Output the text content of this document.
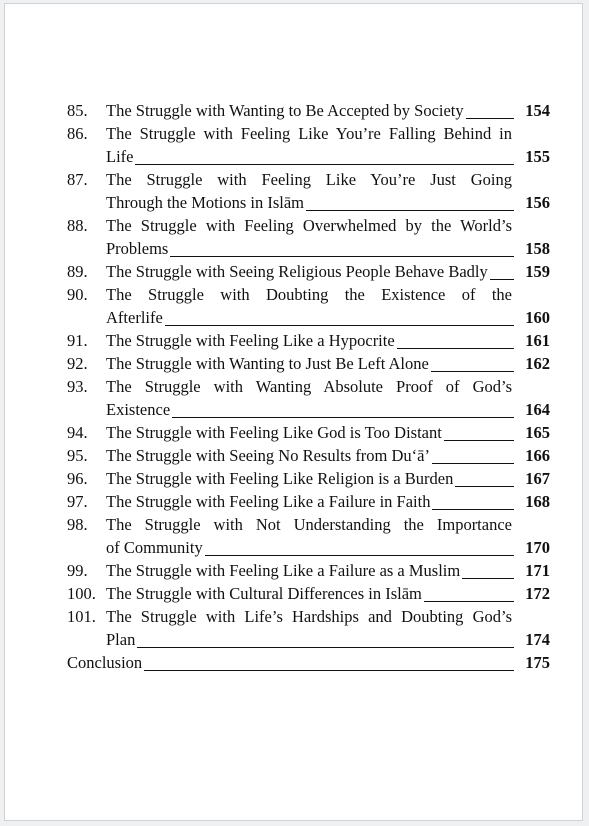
85.	The Struggle with Wanting to Be Accepted by Society	154
86.	The Struggle with Feeling Like You’re Falling Behind in
Life	155
87.	The Struggle with Feeling Like You’re Just Going
Through the Motions in Islām	156
88.	The Struggle with Feeling Overwhelmed by the World’s
Problems	158
89.	The Struggle with Seeing Religious People Behave Badly	159
90.	The Struggle with Doubting the Existence of the
Afterlife	160
91.	The Struggle with Feeling Like a Hypocrite	161
92.	The Struggle with Wanting to Just Be Left Alone	162
93.	The Struggle with Wanting Absolute Proof of God’s
Existence	164
94.	The Struggle with Feeling Like God is Too Distant	165
95.	The Struggle with Seeing No Results from Du‘ā’	166
96.	The Struggle with Feeling Like Religion is a Burden	167
97.	The Struggle with Feeling Like a Failure in Faith	168
98.	The Struggle with Not Understanding the Importance
of Community	170
99.	The Struggle with Feeling Like a Failure as a Muslim	171
100. The Struggle with Cultural Differences in Islām	172
101. The Struggle with Life’s Hardships and Doubting God’s
Plan	174
Conclusion	175
